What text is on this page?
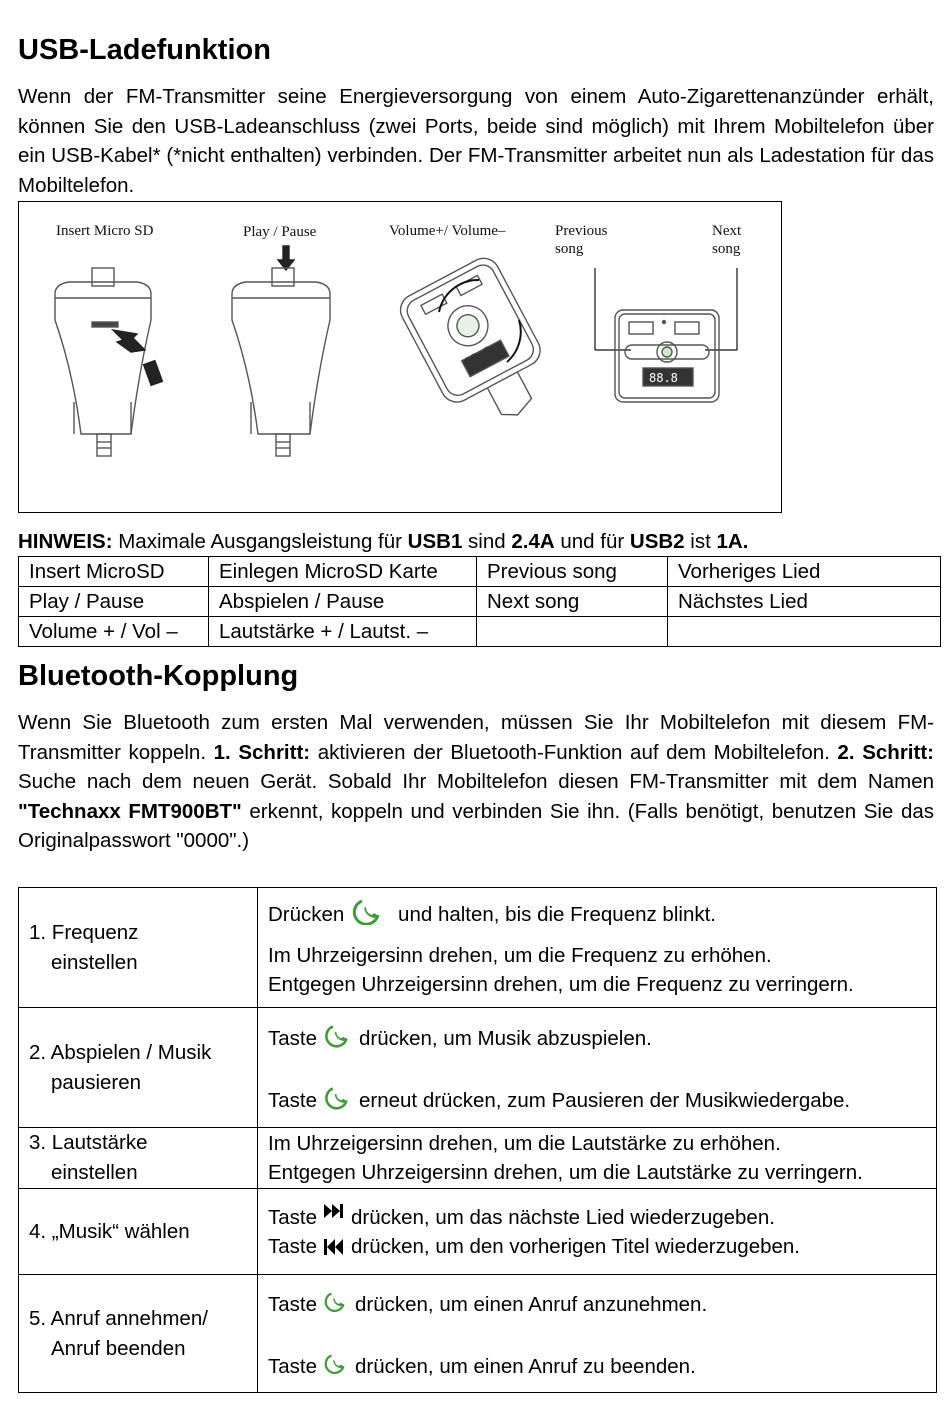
USB-Ladefunktion

Wenn der FM-Transmitter seine Energieversorgung von einem Auto-Zigarettenanzünder erhält, können Sie den USB-Ladeanschluss (zwei Ports, beide sind möglich) mit Ihrem Mobiltelefon über ein USB-Kabel* (*nicht enthalten) verbinden. Der FM-Transmitter arbeitet nun als Ladestation für das Mobiltelefon.

Insert Micro SD	Play / Pause	Volume+/ Volume–	Previous
song
Next
song
88.8
88.8
HINWEIS: Maximale Ausgangsleistung für USB1 sind 2.4A und für USB2 ist 1A.
Insert MicroSD	Einlegen MicroSD Karte	Previous song	Vorheriges Lied
Play / Pause	Abspielen / Pause	Next song	Nächstes Lied
Volume + / Vol –	Lautstärke + / Lautst. –		
Bluetooth-Kopplung

Wenn Sie Bluetooth zum ersten Mal verwenden, müssen Sie Ihr Mobiltelefon mit diesem FM-Transmitter koppeln. 1. Schritt: aktivieren der Bluetooth-Funktion auf dem Mobiltelefon. 2. Schritt: Suche nach dem neuen Gerät. Sobald Ihr Mobiltelefon diesen FM-Transmitter mit dem Namen "Technaxx FMT900BT" erkennt, koppeln und verbinden Sie ihn. (Falls benötigt, benutzen Sie das Originalpasswort "0000".)

1. Frequenz
einstellen	Drücken und halten, bis die Frequenz blinkt.
Im Uhrzeigersinn drehen, um die Frequenz zu erhöhen.
Entgegen Uhrzeigersinn drehen, um die Frequenz zu verringern.

2. Abspielen / Musik
pausieren	Taste drücken, um Musik abzuspielen.
Taste erneut drücken, zum Pausieren der Musikwiedergabe.

3. Lautstärke
einstellen	Im Uhrzeigersinn drehen, um die Lautstärke zu erhöhen.
Entgegen Uhrzeigersinn drehen, um die Lautstärke zu verringern.

4. „Musik“ wählen	Taste drücken, um das nächste Lied wiederzugeben.
Taste drücken, um den vorherigen Titel wiederzugeben.

5. Anruf annehmen/
Anruf beenden	Taste drücken, um einen Anruf anzunehmen.
Taste drücken, um einen Anruf zu beenden.
